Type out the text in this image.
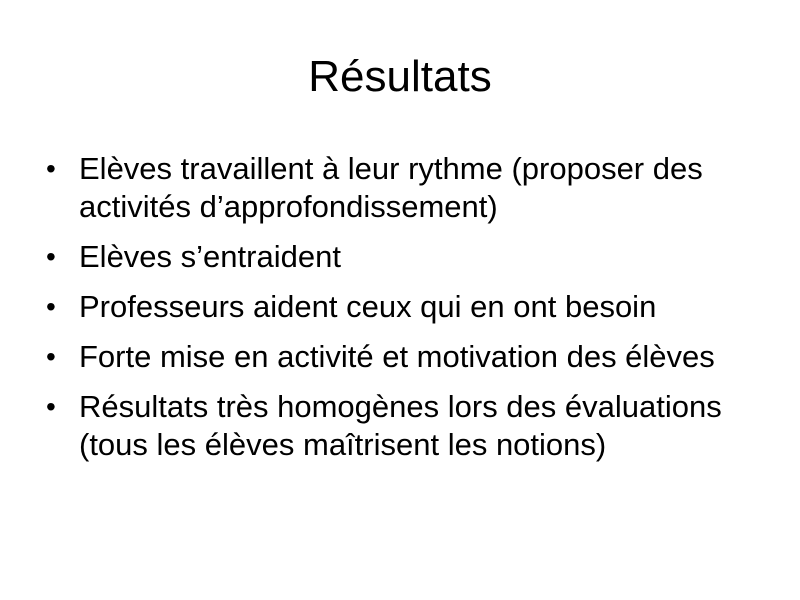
Résultats
• Elèves travaillent à leur rythme (proposer des activités d’approfondissement)
• Elèves s’entraident
• Professeurs aident ceux qui en ont besoin
• Forte mise en activité et motivation des élèves
• Résultats très homogènes lors des évaluations (tous les élèves maîtrisent les notions)
